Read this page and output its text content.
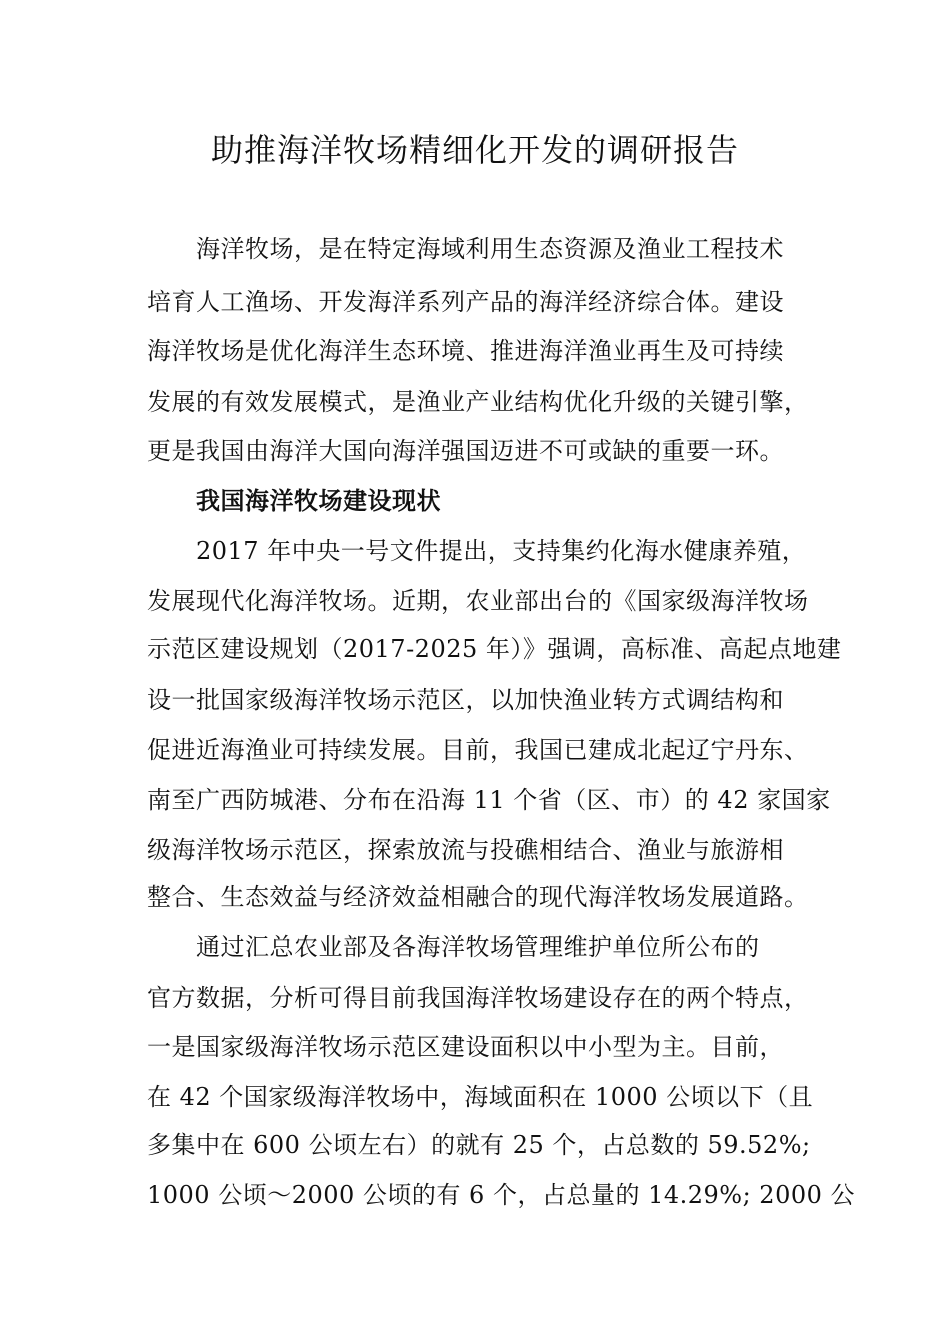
助推海洋牧场精细化开发的调研报告
海洋牧场，是在特定海域利用生态资源及渔业工程技术
培育人工渔场、开发海洋系列产品的海洋经济综合体。建设
海洋牧场是优化海洋生态环境、推进海洋渔业再生及可持续
发展的有效发展模式，是渔业产业结构优化升级的关键引擎，
更是我国由海洋大国向海洋强国迈进不可或缺的重要一环。
我国海洋牧场建设现状
2017 年中央一号文件提出，支持集约化海水健康养殖，
发展现代化海洋牧场。近期，农业部出台的《国家级海洋牧场
示范区建设规划（2017-2025 年）》强调，高标准、高起点地建
设一批国家级海洋牧场示范区，以加快渔业转方式调结构和
促进近海渔业可持续发展。目前，我国已建成北起辽宁丹东、
南至广西防城港、分布在沿海 11 个省（区、市）的 42 家国家
级海洋牧场示范区，探索放流与投礁相结合、渔业与旅游相
整合、生态效益与经济效益相融合的现代海洋牧场发展道路。
通过汇总农业部及各海洋牧场管理维护单位所公布的
官方数据，分析可得目前我国海洋牧场建设存在的两个特点，
一是国家级海洋牧场示范区建设面积以中小型为主。目前，
在 42 个国家级海洋牧场中，海域面积在 1000 公顷以下（且
多集中在 600 公顷左右）的就有 25 个，占总数的 59.52%;
1000 公顷～2000 公顷的有 6 个，占总量的 14.29%; 2000 公
